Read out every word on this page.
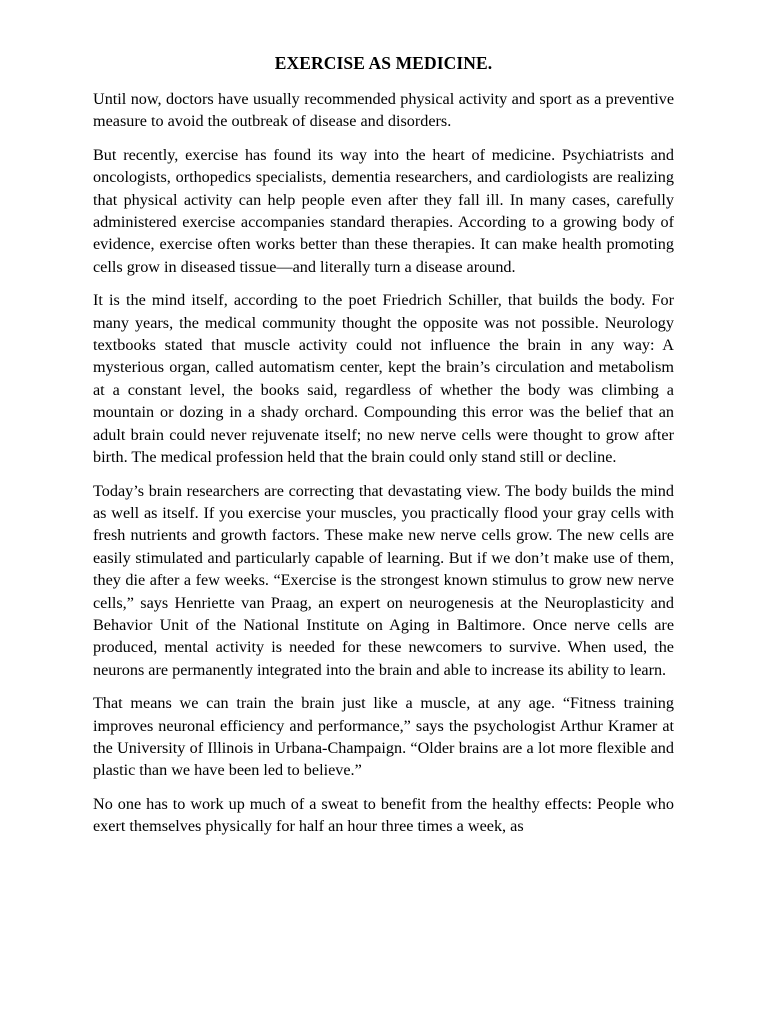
EXERCISE AS MEDICINE.

Until now, doctors have usually recommended physical activity and sport as a preventive measure to avoid the outbreak of disease and disorders.

But recently, exercise has found its way into the heart of medicine. Psychiatrists and oncologists, orthopedics specialists, dementia researchers, and cardiologists are realizing that physical activity can help people even after they fall ill. In many cases, carefully administered exercise accompanies standard therapies. According to a growing body of evidence, exercise often works better than these therapies. It can make health promoting cells grow in diseased tissue—and literally turn a disease around.

It is the mind itself, according to the poet Friedrich Schiller, that builds the body. For many years, the medical community thought the opposite was not possible. Neurology textbooks stated that muscle activity could not influence the brain in any way: A mysterious organ, called automatism center, kept the brain’s circulation and metabolism at a constant level, the books said, regardless of whether the body was climbing a mountain or dozing in a shady orchard. Compounding this error was the belief that an adult brain could never rejuvenate itself; no new nerve cells were thought to grow after birth. The medical profession held that the brain could only stand still or decline.

Today’s brain researchers are correcting that devastating view. The body builds the mind as well as itself. If you exercise your muscles, you practically flood your gray cells with fresh nutrients and growth factors. These make new nerve cells grow. The new cells are easily stimulated and particularly capable of learning. But if we don’t make use of them, they die after a few weeks. “Exercise is the strongest known stimulus to grow new nerve cells,” says Henriette van Praag, an expert on neurogenesis at the Neuroplasticity and Behavior Unit of the National Institute on Aging in Baltimore. Once nerve cells are produced, mental activity is needed for these newcomers to survive. When used, the neurons are permanently integrated into the brain and able to increase its ability to learn.

That means we can train the brain just like a muscle, at any age. “Fitness training improves neuronal efficiency and performance,” says the psychologist Arthur Kramer at the University of Illinois in Urbana-Champaign. “Older brains are a lot more flexible and plastic than we have been led to believe.”

No one has to work up much of a sweat to benefit from the healthy effects: People who exert themselves physically for half an hour three times a week, as
